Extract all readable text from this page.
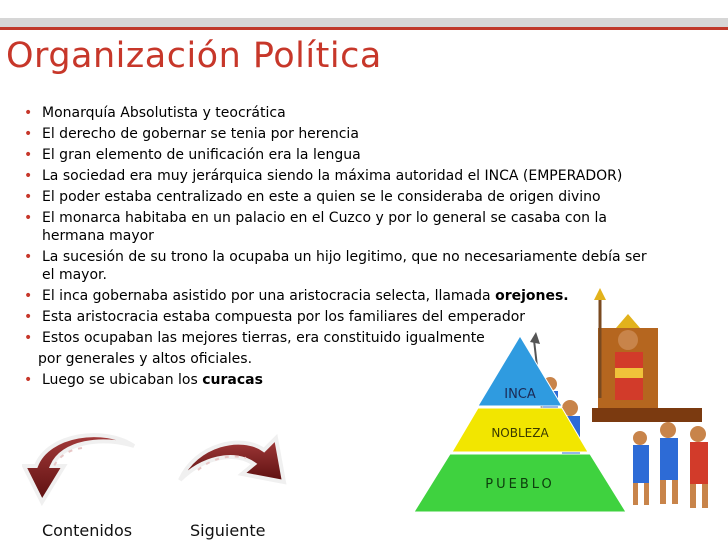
Organización Política
• Monarquía Absolutista y teocrática
• El derecho de gobernar se tenia por herencia
• El gran elemento de unificación era la lengua
• La sociedad era muy jerárquica siendo la máxima autoridad el INCA (EMPERADOR)
• El poder estaba centralizado en este a quien se le consideraba de origen divino
• El monarca habitaba en un palacio en el Cuzco y por lo general se casaba con la hermana mayor
• La sucesión de su trono la ocupaba un hijo legitimo, que no necesariamente debía ser el mayor.
• El inca gobernaba asistido por una aristocracia selecta, llamada orejones.
• Esta aristocracia estaba compuesta por los familiares del emperador
• Estos ocupaban las mejores tierras, era constituido igualmente
por generales y altos oficiales.
• Luego se ubicaban los curacas
Contenidos	Siguiente
INCA
NOBLEZA
PUEBLO
